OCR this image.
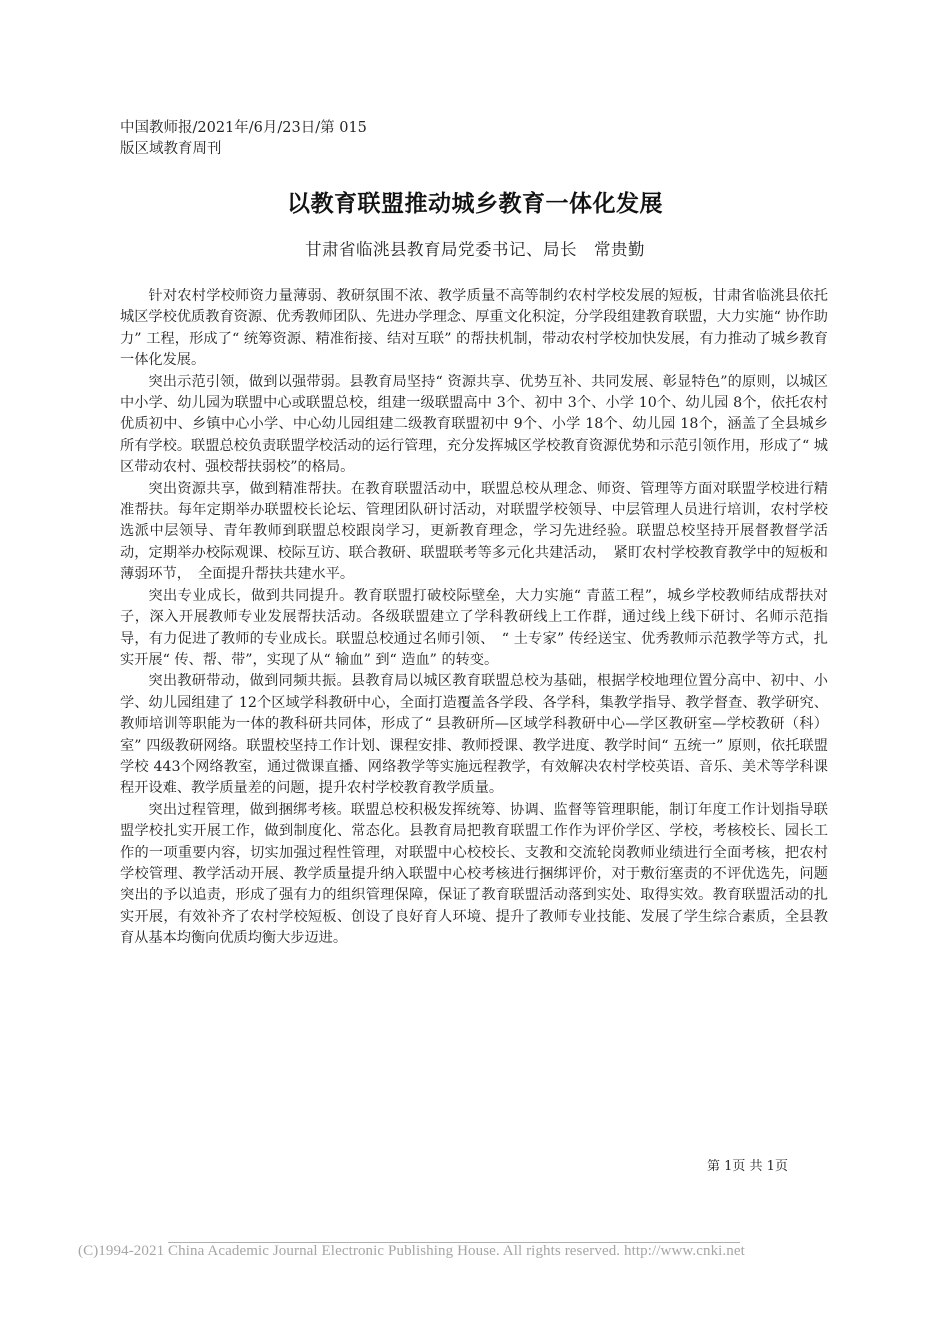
中国教师报/2021年/6月/23日/第 015
版区域教育周刊
以教育联盟推动城乡教育一体化发展
甘肃省临洮县教育局党委书记、局长　常贵勤

针对农村学校师资力量薄弱、教研氛围不浓、教学质量不高等制约农村学校发展的短板，甘肃省临洮县依托城区学校优质教育资源、优秀教师团队、先进办学理念、厚重文化积淀，分学段组建教育联盟，大力实施“ 协作助力” 工程，形成了“ 统筹资源、精准衔接、结对互联” 的帮扶机制，带动农村学校加快发展，有力推动了城乡教育一体化发展。

突出示范引领，做到以强带弱。县教育局坚持“ 资源共享、优势互补、共同发展、彰显特色”的原则，以城区中小学、幼儿园为联盟中心或联盟总校，组建一级联盟高中 3个、初中 3个、小学 10个、幼儿园 8个，依托农村优质初中、乡镇中心小学、中心幼儿园组建二级教育联盟初中 9个、小学 18个、幼儿园 18个，涵盖了全县城乡所有学校。联盟总校负责联盟学校活动的运行管理，充分发挥城区学校教育资源优势和示范引领作用，形成了“ 城区带动农村、强校帮扶弱校”的格局。

突出资源共享，做到精准帮扶。在教育联盟活动中，联盟总校从理念、师资、管理等方面对联盟学校进行精准帮扶。每年定期举办联盟校长论坛、管理团队研讨活动，对联盟学校领导、中层管理人员进行培训，农村学校选派中层领导、青年教师到联盟总校跟岗学习，更新教育理念，学习先进经验。联盟总校坚持开展督教督学活动，定期举办校际观课、校际互访、联合教研、联盟联考等多元化共建活动，　紧盯农村学校教育教学中的短板和薄弱环节，　全面提升帮扶共建水平。

突出专业成长，做到共同提升。教育联盟打破校际壁垒，大力实施“ 青蓝工程”，城乡学校教师结成帮扶对子，深入开展教师专业发展帮扶活动。各级联盟建立了学科教研线上工作群，通过线上线下研讨、名师示范指导，有力促进了教师的专业成长。联盟总校通过名师引领、　“ 土专家” 传经送宝、优秀教师示范教学等方式，扎实开展“ 传、帮、带”，实现了从“ 输血” 到“ 造血” 的转变。

突出教研带动，做到同频共振。县教育局以城区教育联盟总校为基础，根据学校地理位置分高中、初中、小学、幼儿园组建了 12个区域学科教研中心，全面打造覆盖各学段、各学科，集教学指导、教学督查、教学研究、教师培训等职能为一体的教科研共同体，形成了“ 县教研所—区域学科教研中心—学区教研室—学校教研（科）室” 四级教研网络。联盟校坚持工作计划、课程安排、教师授课、教学进度、教学时间“ 五统一” 原则，依托联盟学校 443个网络教室，通过微课直播、网络教学等实施远程教学，有效解决农村学校英语、音乐、美术等学科课程开设难、教学质量差的问题，提升农村学校教育教学质量。

突出过程管理，做到捆绑考核。联盟总校积极发挥统筹、协调、监督等管理职能，制订年度工作计划指导联盟学校扎实开展工作，做到制度化、常态化。县教育局把教育联盟工作作为评价学区、学校，考核校长、园长工作的一项重要内容，切实加强过程性管理，对联盟中心校校长、支教和交流轮岗教师业绩进行全面考核，把农村学校管理、教学活动开展、教学质量提升纳入联盟中心校考核进行捆绑评价，对于敷衍塞责的不评优选先，问题突出的予以追责，形成了强有力的组织管理保障，保证了教育联盟活动落到实处、取得实效。教育联盟活动的扎实开展，有效补齐了农村学校短板、创设了良好育人环境、提升了教师专业技能、发展了学生综合素质，全县教育从基本均衡向优质均衡大步迈进。

第 1页 共 1页
(C)1994-2021 China Academic Journal Electronic Publishing House. All rights reserved. http://www.cnki.net
